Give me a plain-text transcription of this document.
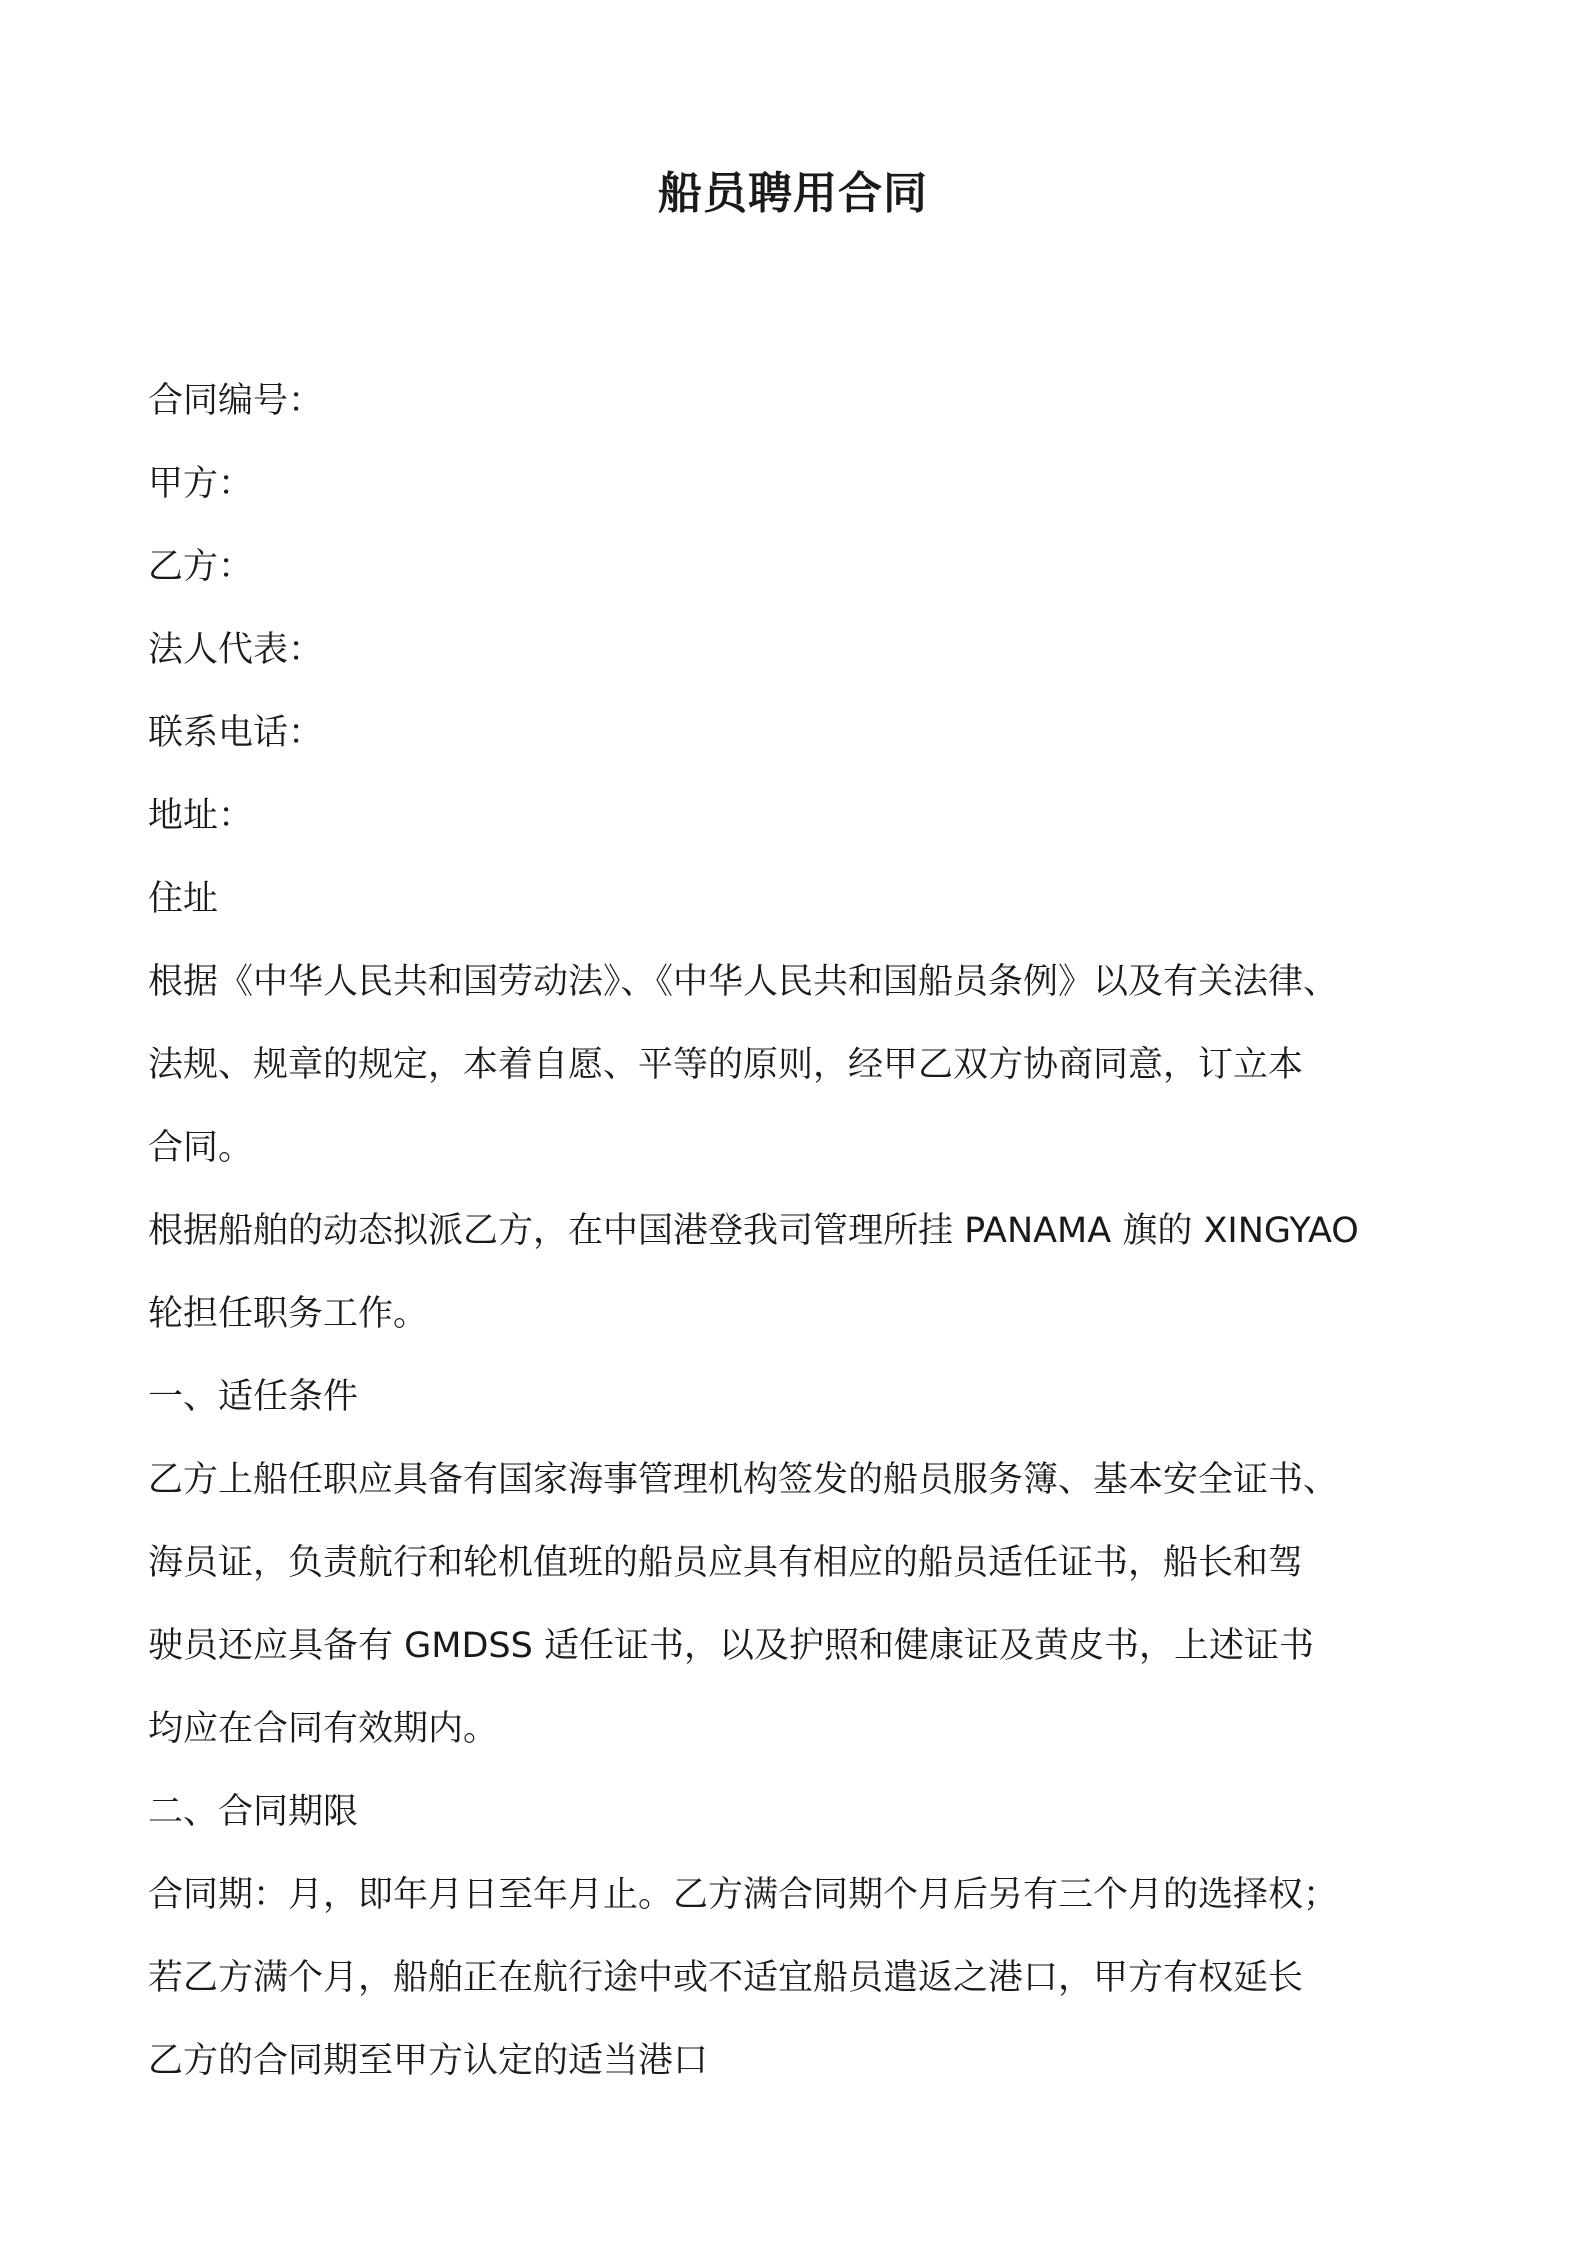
船员聘用合同

合同编号：

甲方：

乙方：

法人代表：

联系电话：

地址：

住址

根据《中华人民共和国劳动法》、《中华人民共和国船员条例》以及有关法律、

法规、规章的规定，本着自愿、平等的原则，经甲乙双方协商同意，订立本

合同。

根据船舶的动态拟派乙方，在中国港登我司管理所挂 PANAMA 旗的 XINGYAO

轮担任职务工作。

一、适任条件

乙方上船任职应具备有国家海事管理机构签发的船员服务簿、基本安全证书、

海员证，负责航行和轮机值班的船员应具有相应的船员适任证书，船长和驾

驶员还应具备有 GMDSS 适任证书，以及护照和健康证及黄皮书，上述证书

均应在合同有效期内。

二、合同期限

合同期：月，即年月日至年月止。乙方满合同期个月后另有三个月的选择权；

若乙方满个月，船舶正在航行途中或不适宜船员遣返之港口，甲方有权延长

乙方的合同期至甲方认定的适当港口
